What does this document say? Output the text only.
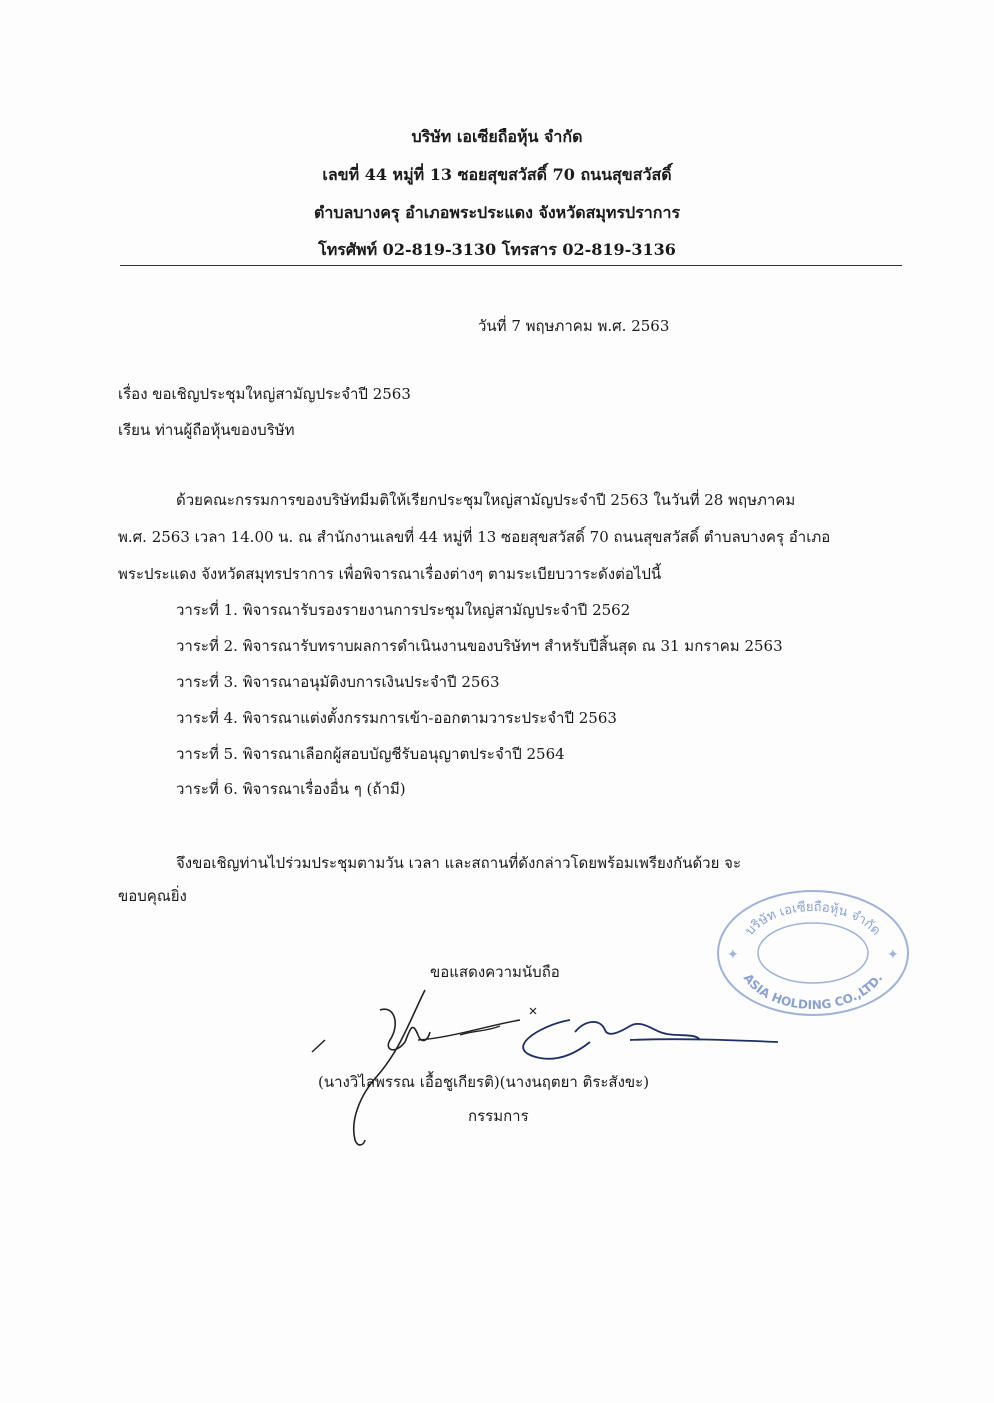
บริษัท เอเซียถือหุ้น จำกัด
เลขที่ 44 หมู่ที่ 13 ซอยสุขสวัสดิ์ 70 ถนนสุขสวัสดิ์
ตำบลบางครุ อำเภอพระประแดง จังหวัดสมุทรปราการ
โทรศัพท์ 02-819-3130 โทรสาร 02-819-3136
วันที่ 7 พฤษภาคม พ.ศ. 2563
เรื่อง ขอเชิญประชุมใหญ่สามัญประจำปี 2563
เรียน ท่านผู้ถือหุ้นของบริษัท
ด้วยคณะกรรมการของบริษัทมีมติให้เรียกประชุมใหญ่สามัญประจำปี 2563 ในวันที่ 28 พฤษภาคม
พ.ศ. 2563 เวลา 14.00 น. ณ สำนักงานเลขที่ 44 หมู่ที่ 13 ซอยสุขสวัสดิ์ 70 ถนนสุขสวัสดิ์ ตำบลบางครุ อำเภอ
พระประแดง จังหวัดสมุทรปราการ เพื่อพิจารณาเรื่องต่างๆ ตามระเบียบวาระดังต่อไปนี้
วาระที่ 1. พิจารณารับรองรายงานการประชุมใหญ่สามัญประจำปี 2562
วาระที่ 2. พิจารณารับทราบผลการดำเนินงานของบริษัทฯ สำหรับปีสิ้นสุด ณ 31 มกราคม 2563
วาระที่ 3. พิจารณาอนุมัติงบการเงินประจำปี 2563
วาระที่ 4. พิจารณาแต่งตั้งกรรมการเข้า-ออกตามวาระประจำปี 2563
วาระที่ 5. พิจารณาเลือกผู้สอบบัญชีรับอนุญาตประจำปี 2564
วาระที่ 6. พิจารณาเรื่องอื่น ๆ (ถ้ามี)
จึงขอเชิญท่านไปร่วมประชุมตามวัน เวลา และสถานที่ดังกล่าวโดยพร้อมเพรียงกันด้วย จะ
ขอบคุณยิ่ง
บริษัท เอเซียถือหุ้น จำกัด
ASIA HOLDING CO.,LTD.
✦	✦
ขอแสดงความนับถือ
(นางวิไลพรรณ เอื้อชูเกียรติ)(นางนฤตยา ติระสังขะ)
กรรมการ
